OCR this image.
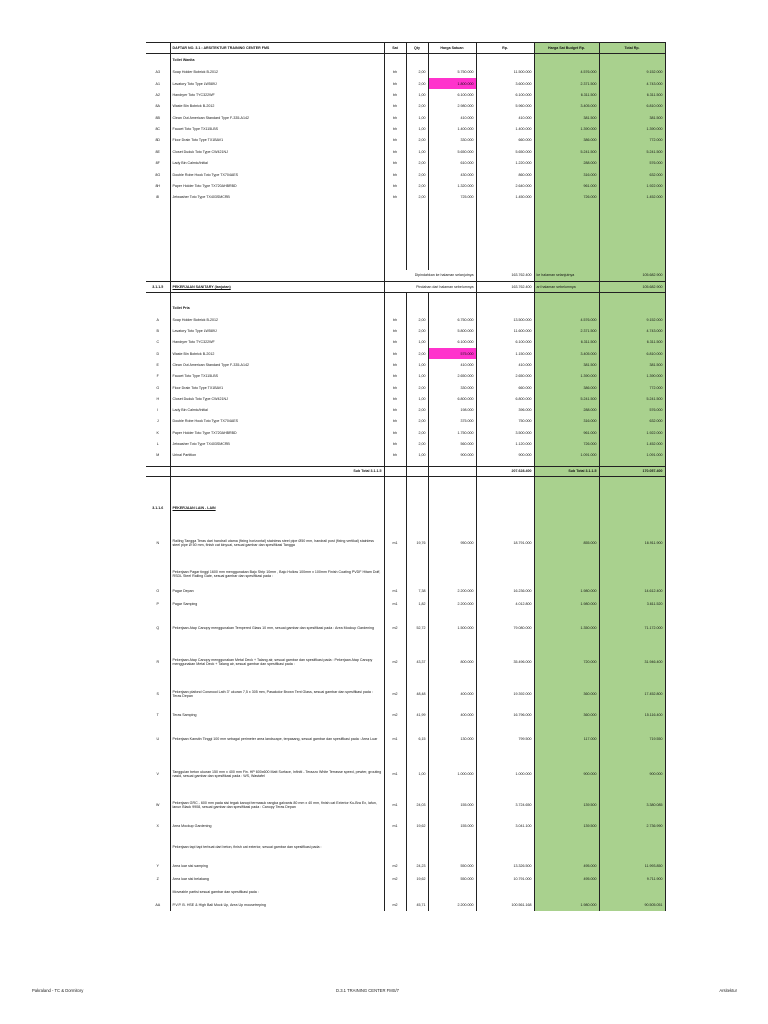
	DAFTAR NO. 3.1 : ARSITEKTUR TRAINING CENTER FMS	Sat	Qty	Harga Satuan	Rp.	Harga Sat Budget Rp.	Total Rp.
	Toilet Wanita						
A3	Soap Holder Bobrick B-2012	bh	2,00	5.750.000	11.500.000	4.576.000	9.152.000
A1	Lavatory Toto Type LW589J	bh	2,00	1.800.000	3.600.000	2.371.500	4.743.000
A2	Handryer Toto TYC322WF	bh	1,00	6.100.000	6.100.000	6.311.500	6.311.500
8A	Waste Bin Bobrick B-2012	bh	2,00	2.980.000	5.960.000	3.405.000	6.810.000
8B	Clean Out American Standard Type F-335-A142	bh	1,00	410.000	410.000	381.500	381.500
8C	Faucet Toto Type TX115LBS	bh	1,00	1.400.000	1.400.000	1.390.000	1.390.000
8D	Floor Drain Toto Type TX1BAV1	bh	2,00	330.000	660.000	386.000	772.000
8E	Closet Duduk Toto Type CW421NJ	bh	1,00	5.650.000	5.650.000	5.241.500	5.241.500
8F	Lady Bin Calmic/Initial	bh	2,00	610.000	1.220.000	288.000	576.000
8G	Double Robe Hook Toto Type TX704AES	bh	2,00	430.000	860.000	316.000	632.000
8H	Paper Holder Toto Type TX720AHBRBD	bh	2,00	1.320.000	2.640.000	961.000	1.922.000
8I	Jetwasher Toto Type TX403SMCRB	bh	2,00	725.000	1.450.000	726.000	1.452.000

		Dipindahkan ke halaman selanjutnya			163.762.400	ke halaman selanjutnya	105.682.900
3.1.1.5	PEKERJAAN SANITARY (lanjutan)	Pindahan dari halaman sebelumnya			163.762.400	ari halaman sebelumnya	105.682.900

	Toilet Pria						
A	Soap Holder Bobrick B-2012	bh	2,00	6.750.000	13.500.000	4.576.000	9.152.000
B	Lavatory Toto Type LW589J	bh	2,00	5.800.000	11.600.000	2.371.500	4.743.000
C	Handryer Toto TYC322WF	bh	1,00	6.100.000	6.100.000	6.311.500	6.311.500
D	Waste Bin Bobrick B-2012	bh	2,00	575.000	1.150.000	3.405.000	6.810.000
E	Clean Out American Standard Type F-335-A142	bh	1,00	410.000	410.000	381.500	381.500
F	Faucet Toto Type TX115LBS	bh	1,00	2.650.000	2.650.000	1.390.000	1.390.000
G	Floor Drain Toto Type TX1BAV1	bh	2,00	330.000	660.000	386.000	772.000
H	Closet Duduk Toto Type CW421NJ	bh	1,00	6.800.000	6.800.000	5.241.500	5.241.500
I	Lady Bin Calmic/Initial	bh	2,00	198.000	396.000	288.000	576.000
J	Double Robe Hook Toto Type TX704AES	bh	2,00	375.000	750.000	316.000	632.000
K	Paper Holder Toto Type TX720AHBRBD	bh	2,00	1.750.000	3.500.000	961.000	1.922.000
L	Jetwasher Toto Type TX403SMCRB	bh	2,00	560.000	1.120.000	726.000	1.452.000
M	Urinal Partition	bh	1,00	900.000	900.000	1.091.000	1.091.000

	Sub Total 3.1.1.5				207.628.400	Sub Total 3.1.1.5	170.057.400

3.1.1.6	PEKERJAAN LAIN - LAIN						

N	Railing Tangga Teras dari handrail utama (fixing horizontal) stainless steel pipe Ø50 mm, handrail post (fixing vertikal) stainless steel pipe Ø 50 mm, finish cat kinyuai, sesuai gambar dan spesifikasi Tangga	m1	19,76	950.000	18.791.000	855.000	16.911.900
	Pekerjaan Pagar tinggi 1600 mm menggunakan Bajo Strip 10mm , Bajo Hollow 100mm x 100mm Finish Coating PVDF Hitam Doff, RSDL Steel Railing Gate, sesuai gambar dan spesifikasi pada :						
O	Pagar Depan	m1	7,38	2.200.000	16.236.000	1.980.000	14.612.400
P	Pagar Samping	m1	1,82	2.200.000	4.012.800	1.980.000	3.611.520
Q	Pekerjaan Atap Canopy menggunakan Tempered Glass 10 mm, sesuai gambar dan spesifikasi pada : Area Mockup Gardening	m2	52,72	1.500.000	79.080.000	1.350.000	71.172.000
R	Pekerjaan Atap Canopy menggunakan Metal Deck + Talang air, sesuai gambar dan spesifikasi pada : Pekerjaan Atap Canopy menggunakan Metal Deck + Talang air, sesuai gambar dan spesifikasi pada :	m2	43,37	800.000	35.496.000	720.000	31.946.400
S	Pekerjaan plafond Conwood Lath 3" ukuran 7,5 x 305 mm, Pasakolor Brown Tent Glass, sesuai gambar dan spesifikasi pada : Teras Depan	m2	48,48	400.000	19.392.000	360.000	17.452.800
T	Teras Samping	m2	41,99	400.000	16.796.000	360.000	15.116.400
U	Pekerjaan Kanstin Tinggi 100 mm sebagai perimeter area landscape, terpasang, sesuai gambar dan spesifikasi pada : Area Luar	m1	6,15	130.000	799.500	117.000	719.550
V	Tanggulan beton ukuran 150 mm x 400 mm Fin. HP 600x600 Matt Surface, Infiniti - Terazzo White Terrasse speed, pewter, grouting nasid, sesuai gambar dan spesifikasi pada : WS, Wastafel	m1	1,00	1.000.000	1.000.000	900.000	900.000
W	Pekerjaan GRC - 600 mm pada sisi tegak kanopi termasuk rangka galvanis 80 mm x 40 mm, finish cat Exterior Ku-Bra Ex, lafun, lanun Black 9908, sesuai gambar dan spesifikasi pada : Canopy Teras Depan	m1	24,03	155.000	3.724.650	139.500	3.380.085
X	Area Mockup Gardening	m1	19,62	155.000	3.041.100	139.500	2.736.990
	Pekerjaan tapi tapi terbuat dari beton, finish cat exterior, sesuai gambar dan spesifikasi pada :						
Y	Area luar sisi samping	m2	24,23	550.000	13.326.500	495.000	11.993.850
Z	Area luar sisi belakang	m2	19,62	550.000	10.791.000	495.000	9.711.900
	Moveable partisi sesuai gambar dan spesifikasi pada :						
AA	P.V.P. B. HSE & High Bali Mock Up, Area Up mousetreping	m2	45,71	2.200.000	100.561.168	1.980.000	90.505.051
Pakraland - TC & Dormitory	D.3.1 TRAINING CENTER FMS/7	Arsitektur
